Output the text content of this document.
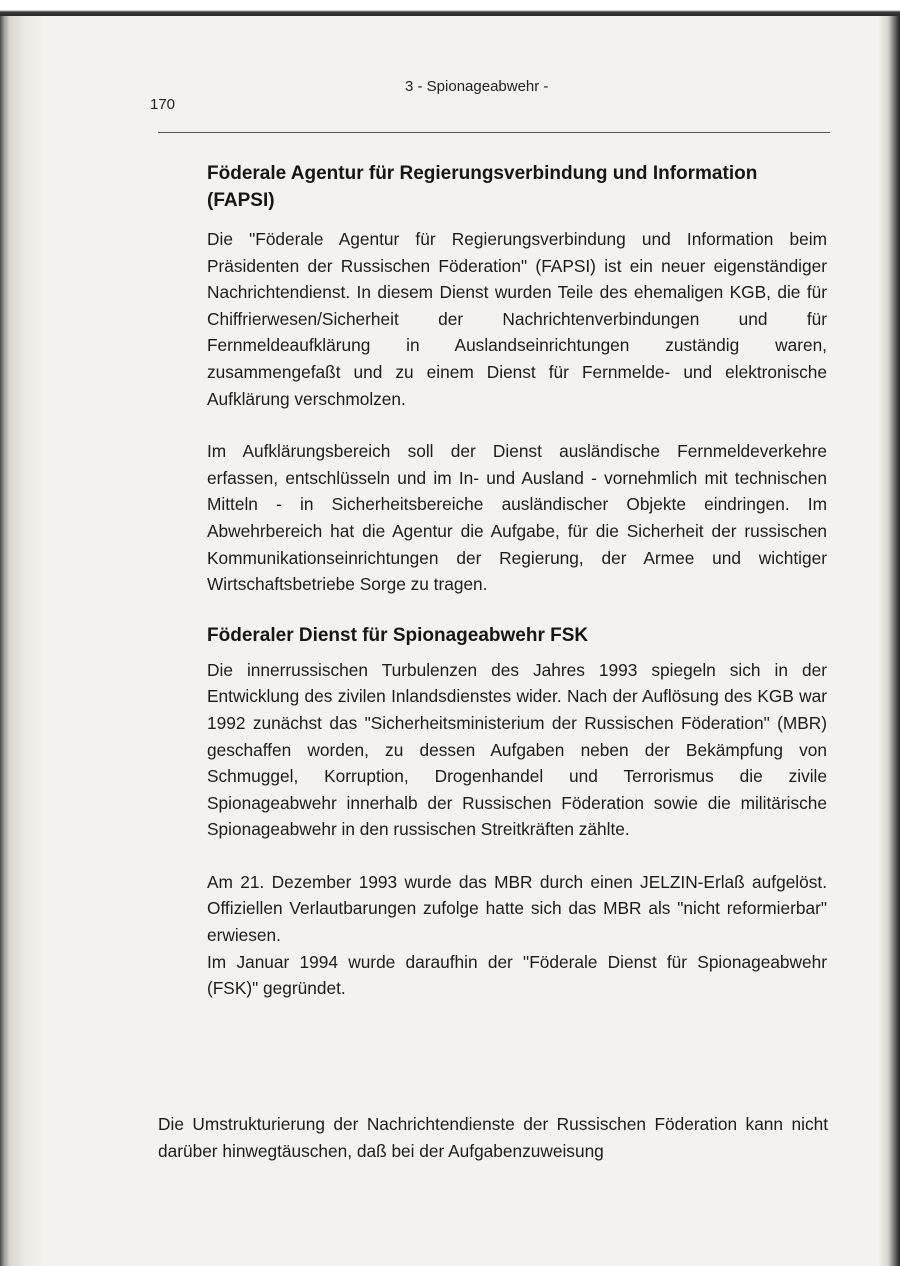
170
3 - Spionageabwehr -
Föderale Agentur für Regierungsverbindung und Information
(FAPSI)

Die "Föderale Agentur für Regierungsverbindung und Information beim Präsidenten der Russischen Föderation" (FAPSI) ist ein neuer eigenständiger Nachrichtendienst. In diesem Dienst wurden Teile des ehemaligen KGB, die für Chiffrierwesen/Sicherheit der Nachrichtenverbindungen und für Fernmeldeaufklärung in Auslandseinrichtungen zuständig waren, zusammengefaßt und zu einem Dienst für Fernmelde- und elektronische Aufklärung verschmolzen.

Im Aufklärungsbereich soll der Dienst ausländische Fernmeldeverkehre erfassen, entschlüsseln und im In- und Ausland - vornehmlich mit technischen Mitteln - in Sicherheitsbereiche ausländischer Objekte eindringen. Im Abwehrbereich hat die Agentur die Aufgabe, für die Sicherheit der russischen Kommunikationseinrichtungen der Regierung, der Armee und wichtiger Wirtschaftsbetriebe Sorge zu tragen.

Föderaler Dienst für Spionageabwehr FSK

Die innerrussischen Turbulenzen des Jahres 1993 spiegeln sich in der Entwicklung des zivilen Inlandsdienstes wider. Nach der Auflösung des KGB war 1992 zunächst das "Sicherheitsministerium der Russischen Föderation" (MBR) geschaffen worden, zu dessen Aufgaben neben der Bekämpfung von Schmuggel, Korruption, Drogenhandel und Terrorismus die zivile Spionageabwehr innerhalb der Russischen Föderation sowie die militärische Spionageabwehr in den russischen Streitkräften zählte.

Am 21. Dezember 1993 wurde das MBR durch einen JELZIN-Erlaß aufgelöst. Offiziellen Verlautbarungen zufolge hatte sich das MBR als "nicht reformierbar" erwiesen.

Im Januar 1994 wurde daraufhin der "Föderale Dienst für Spionageabwehr (FSK)" gegründet.

Die Umstrukturierung der Nachrichtendienste der Russischen Föderation kann nicht darüber hinwegtäuschen, daß bei der Aufgabenzuweisung
